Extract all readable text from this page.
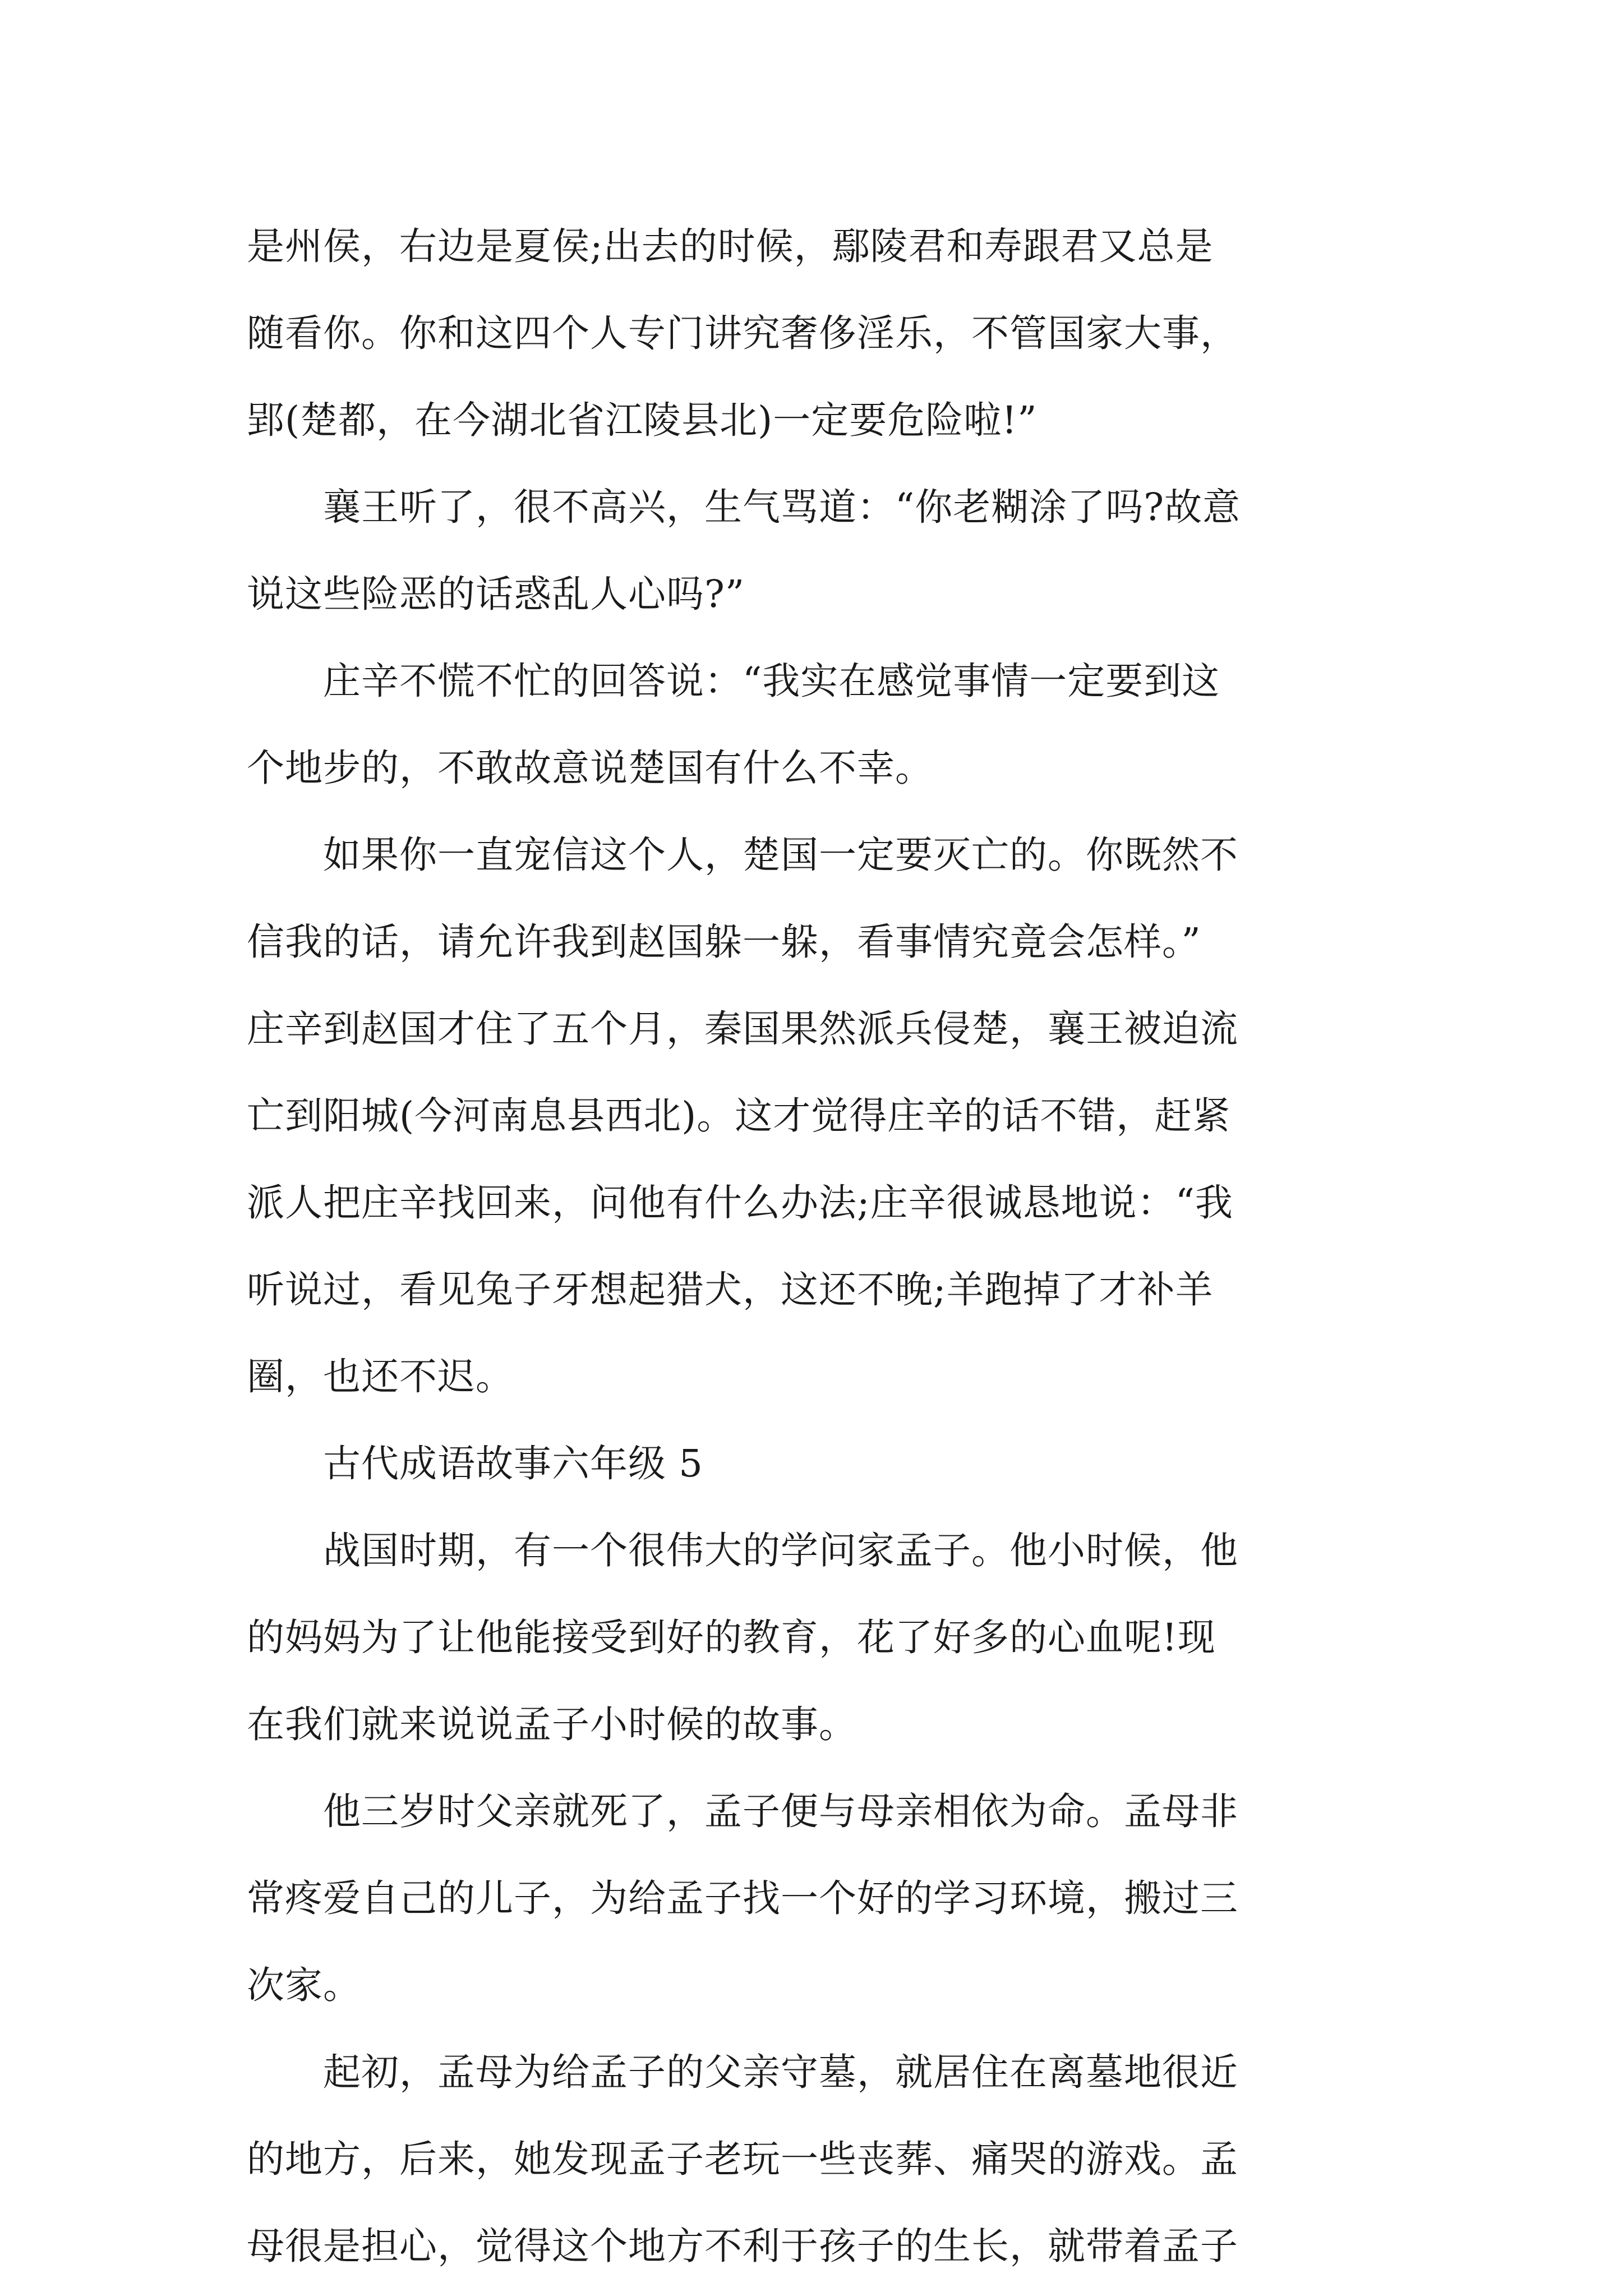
是州侯，右边是夏侯;出去的时候，鄢陵君和寿跟君又总是
随看你。你和这四个人专门讲究奢侈淫乐，不管国家大事，
郢(楚都，在今湖北省江陵县北)一定要危险啦!”
襄王听了，很不高兴，生气骂道：“你老糊涂了吗?故意
说这些险恶的话惑乱人心吗?”
庄辛不慌不忙的回答说：“我实在感觉事情一定要到这
个地步的，不敢故意说楚国有什么不幸。
如果你一直宠信这个人，楚国一定要灭亡的。你既然不
信我的话，请允许我到赵国躲一躲，看事情究竟会怎样。”
庄辛到赵国才住了五个月，秦国果然派兵侵楚，襄王被迫流
亡到阳城(今河南息县西北)。这才觉得庄辛的话不错，赶紧
派人把庄辛找回来，问他有什么办法;庄辛很诚恳地说：“我
听说过，看见兔子牙想起猎犬，这还不晚;羊跑掉了才补羊
圈，也还不迟。
古代成语故事六年级 5
战国时期，有一个很伟大的学问家孟子。他小时候，他
的妈妈为了让他能接受到好的教育，花了好多的心血呢!现
在我们就来说说孟子小时候的故事。
他三岁时父亲就死了，孟子便与母亲相依为命。孟母非
常疼爱自己的儿子，为给孟子找一个好的学习环境，搬过三
次家。
起初，孟母为给孟子的父亲守墓，就居住在离墓地很近
的地方，后来，她发现孟子老玩一些丧葬、痛哭的游戏。孟
母很是担心，觉得这个地方不利于孩子的生长，就带着孟子
